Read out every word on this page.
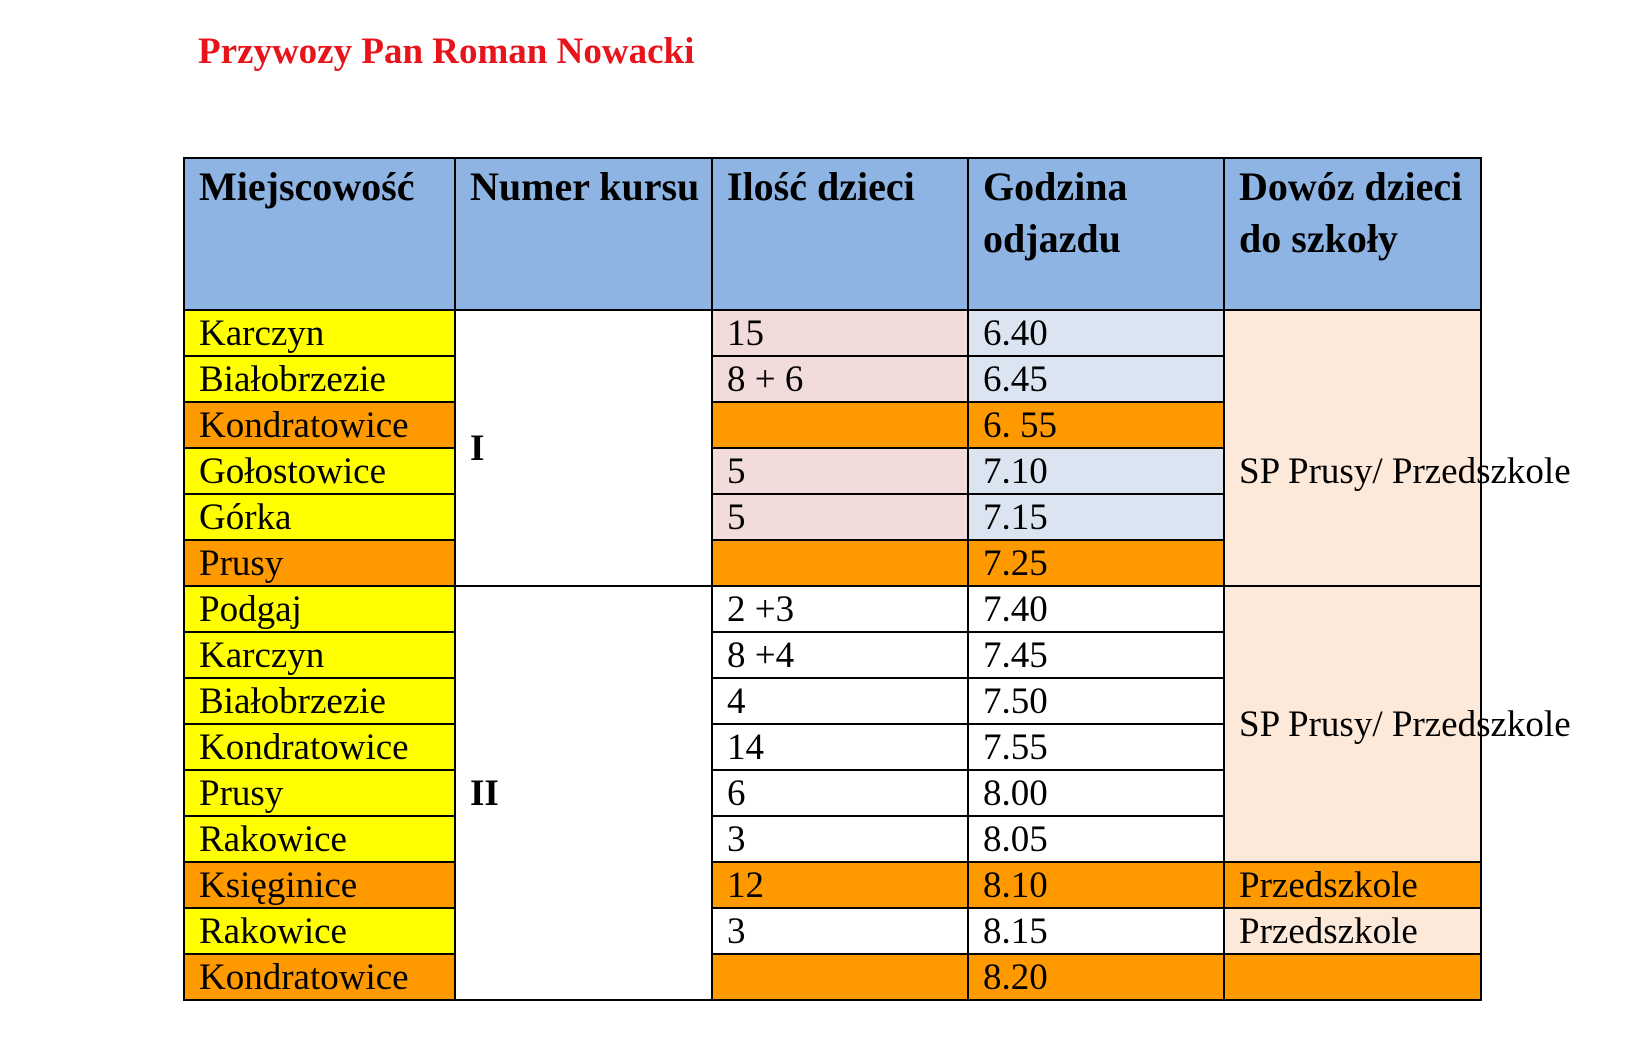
Przywozy Pan Roman Nowacki
Miejscowość	Numer kursu	Ilość dzieci	Godzina odjazdu	Dowóz dzieci do szkoły
Karczyn	I	15	6.40	SP Prusy/ Przedszkole

Białobrzezie		8 + 6	6.45	
Kondratowice			6. 55	
Gołostowice		5	7.10	
Górka		5	7.15	
Prusy			7.25	
Podgaj	II	2 +3	7.40	SP Prusy/ Przedszkole
Karczyn		8 +4	7.45	
Białobrzezie		4	7.50	
Kondratowice		14	7.55	
Prusy		6	8.00	
Rakowice		3	8.05	
Księginice		12	8.10	Przedszkole
Rakowice		3	8.15	Przedszkole
Kondratowice			8.20	
